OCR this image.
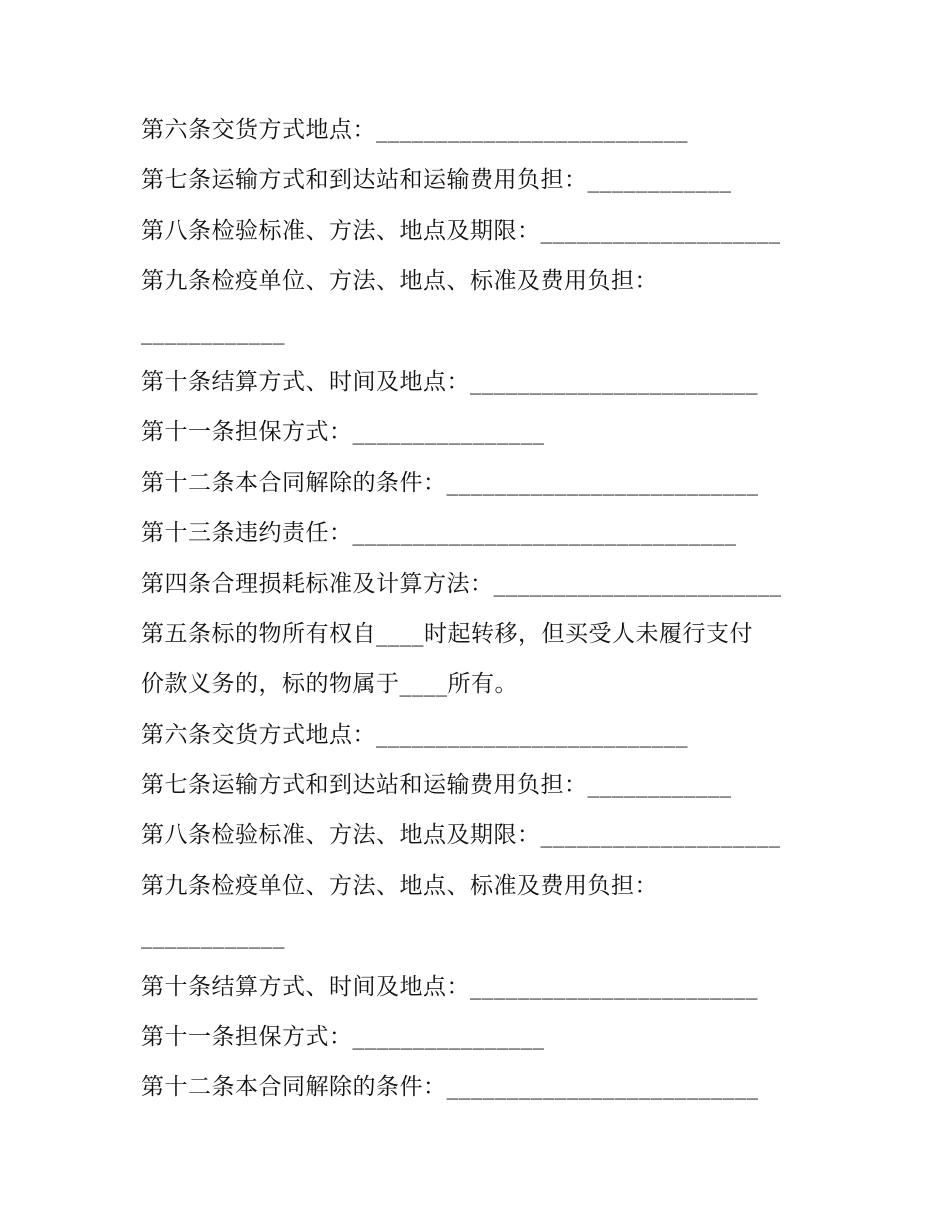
第六条交货方式地点：__________________________
第七条运输方式和到达站和运输费用负担：____________
第八条检验标准、方法、地点及期限：____________________
第九条检疫单位、方法、地点、标准及费用负担：
____________
第十条结算方式、时间及地点：________________________
第十一条担保方式：________________
第十二条本合同解除的条件：__________________________
第十三条违约责任：________________________________
第四条合理损耗标准及计算方法：________________________
第五条标的物所有权自____时起转移，但买受人未履行支付
价款义务的，标的物属于____所有。
第六条交货方式地点：__________________________
第七条运输方式和到达站和运输费用负担：____________
第八条检验标准、方法、地点及期限：____________________
第九条检疫单位、方法、地点、标准及费用负担：
____________
第十条结算方式、时间及地点：________________________
第十一条担保方式：________________
第十二条本合同解除的条件：__________________________
